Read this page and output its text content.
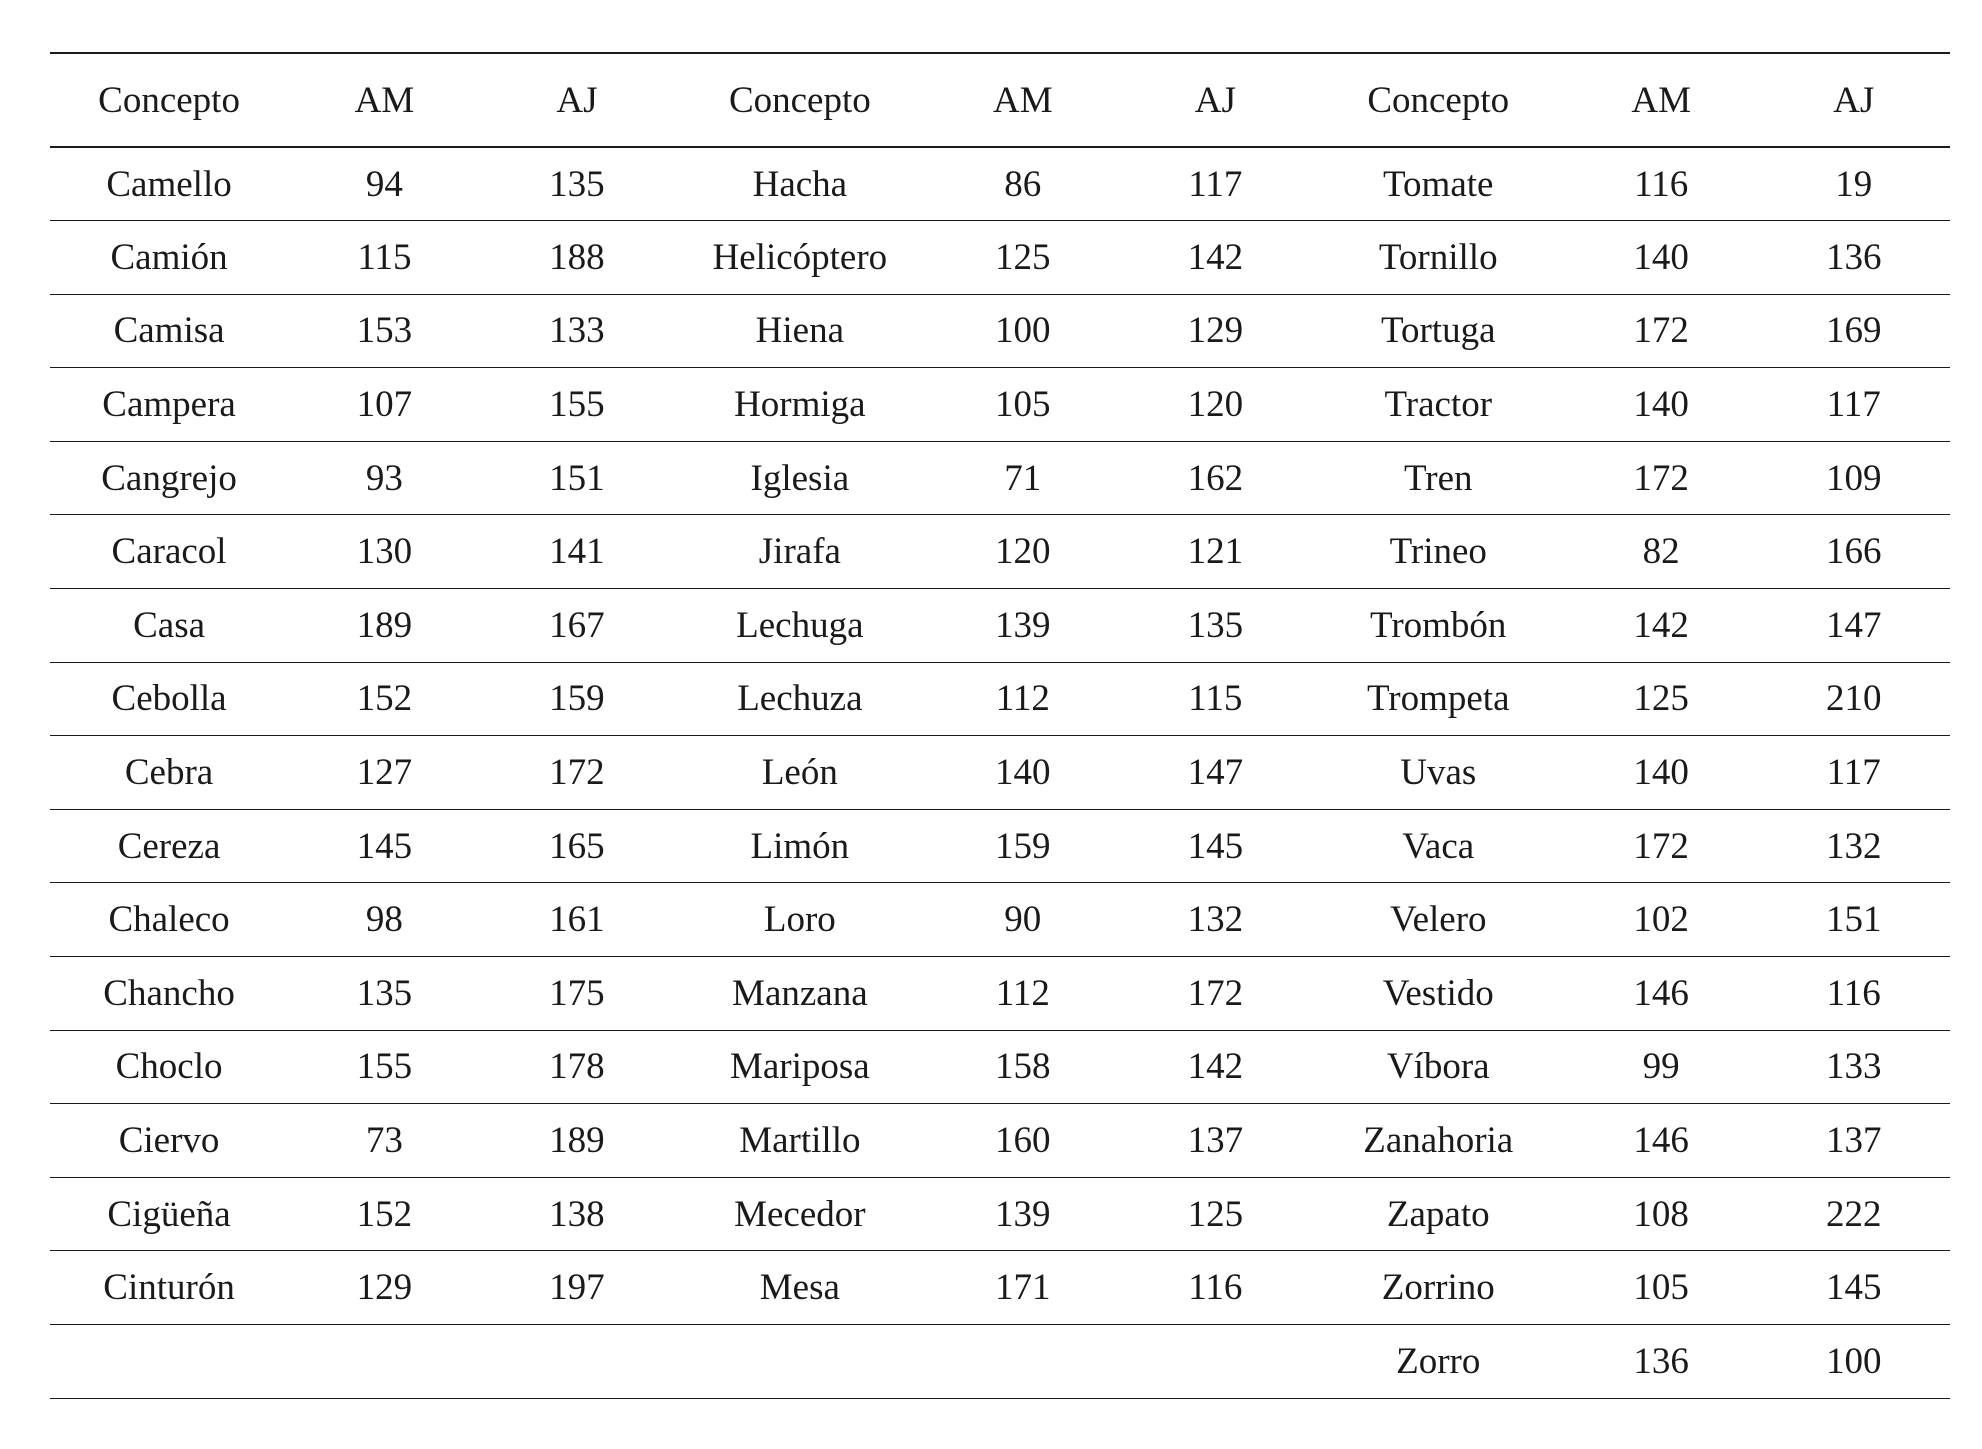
Concepto	AM	AJ	Concepto	AM	AJ	Concepto	AM	AJ
Camello	94	135	Hacha	86	117	Tomate	116	19
Camión	115	188	Helicóptero	125	142	Tornillo	140	136
Camisa	153	133	Hiena	100	129	Tortuga	172	169
Campera	107	155	Hormiga	105	120	Tractor	140	117
Cangrejo	93	151	Iglesia	71	162	Tren	172	109
Caracol	130	141	Jirafa	120	121	Trineo	82	166
Casa	189	167	Lechuga	139	135	Trombón	142	147
Cebolla	152	159	Lechuza	112	115	Trompeta	125	210
Cebra	127	172	León	140	147	Uvas	140	117
Cereza	145	165	Limón	159	145	Vaca	172	132
Chaleco	98	161	Loro	90	132	Velero	102	151
Chancho	135	175	Manzana	112	172	Vestido	146	116
Choclo	155	178	Mariposa	158	142	Víbora	99	133
Ciervo	73	189	Martillo	160	137	Zanahoria	146	137
Cigüeña	152	138	Mecedor	139	125	Zapato	108	222
Cinturón	129	197	Mesa	171	116	Zorrino	105	145
						Zorro	136	100
